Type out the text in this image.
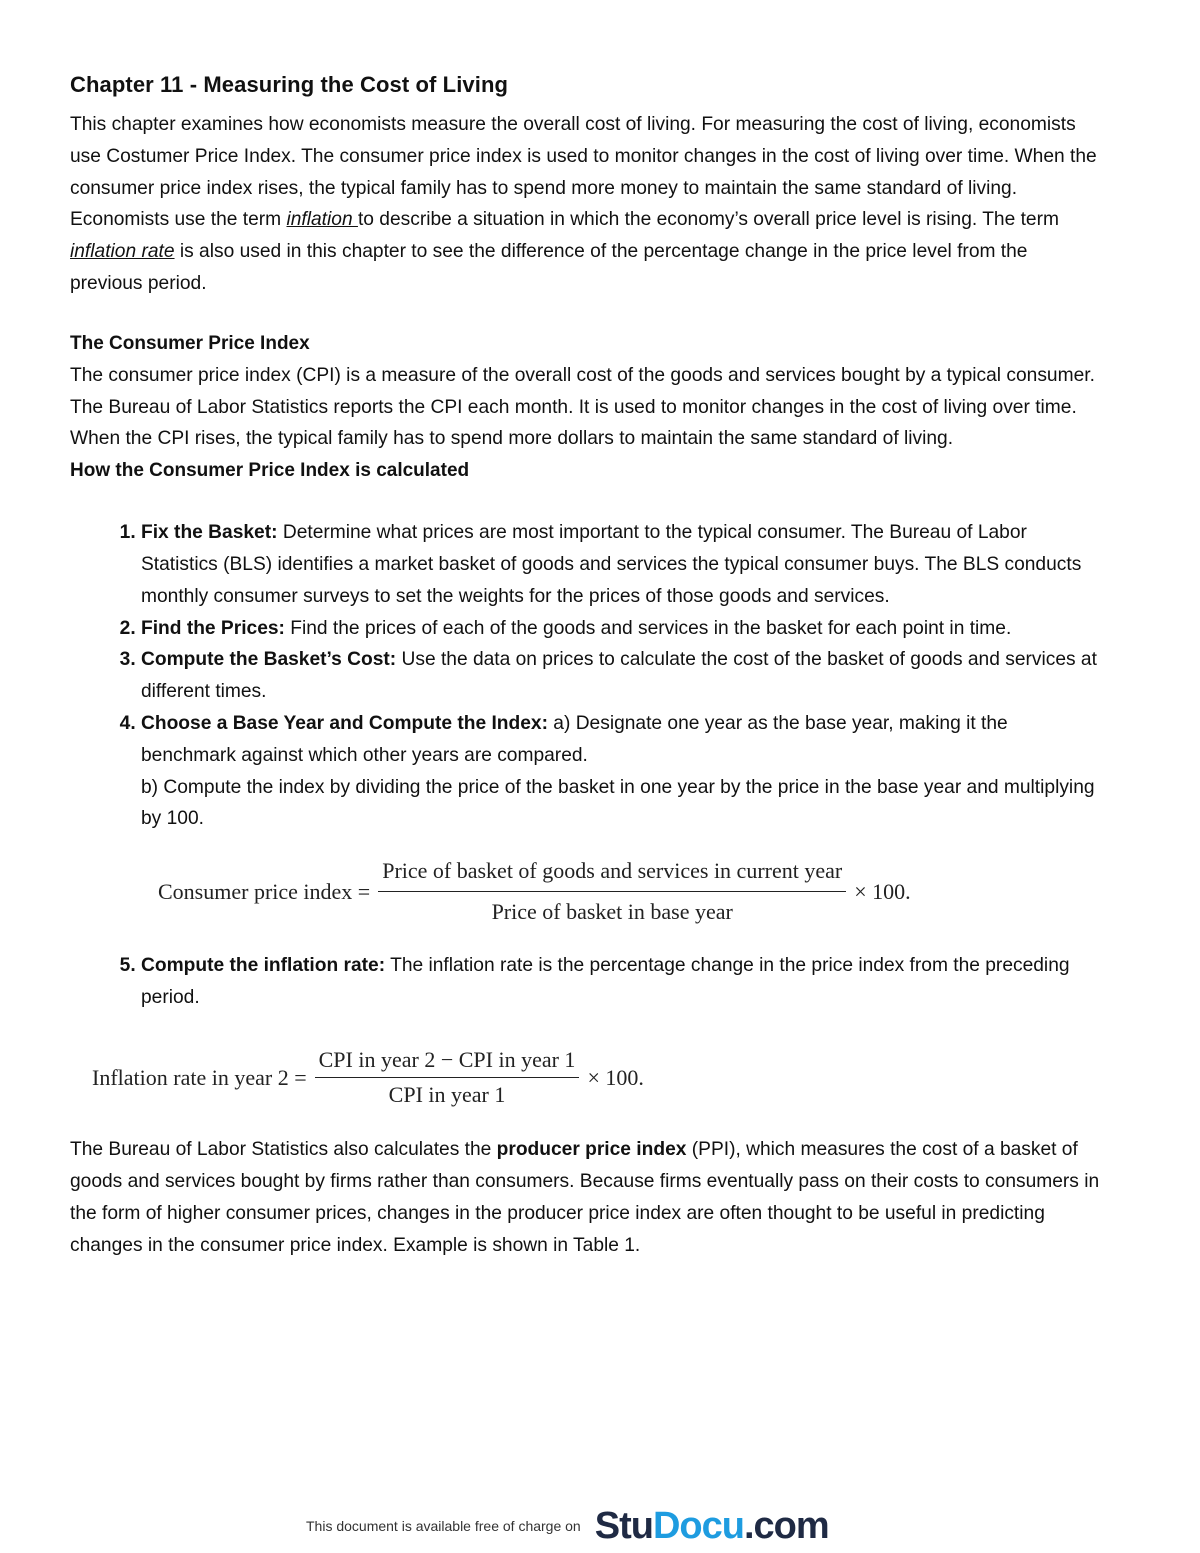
Chapter 11 - Measuring the Cost of Living

This chapter examines how economists measure the overall cost of living. For measuring the cost of living, economists use Costumer Price Index. The consumer price index is used to monitor changes in the cost of living over time. When the consumer price index rises, the typical family has to spend more money to maintain the same standard of living. Economists use the term inflation to describe a situation in which the economy’s overall price level is rising. The term inflation rate is also used in this chapter to see the difference of the percentage change in the price level from the previous period.

The Consumer Price Index

The consumer price index (CPI) is a measure of the overall cost of the goods and services bought by a typical consumer. The Bureau of Labor Statistics reports the CPI each month. It is used to monitor changes in the cost of living over time. When the CPI rises, the typical family has to spend more dollars to maintain the same standard of living.

How the Consumer Price Index is calculated
1. Fix the Basket: Determine what prices are most important to the typical consumer. The Bureau of Labor Statistics (BLS) identifies a market basket of goods and services the typical consumer buys. The BLS conducts monthly consumer surveys to set the weights for the prices of those goods and services.
2. Find the Prices: Find the prices of each of the goods and services in the basket for each point in time.
3. Compute the Basket’s Cost: Use the data on prices to calculate the cost of the basket of goods and services at different times.
4. Choose a Base Year and Compute the Index: a) Designate one year as the base year, making it the benchmark against which other years are compared.
b) Compute the index by dividing the price of the basket in one year by the price in the base year and multiplying by 100.
Consumer price index = $\frac{\text{Price of basket of goods and services in current year}}{\text{Price of basket in base year}} \times 100$.
5. Compute the inflation rate: The inflation rate is the percentage change in the price index from the preceding period.
Inflation rate in year $2 = \frac{\text{CPI in year 2 − CPI in year 1}}{\text{CPI in year 1}} \times 100$.

The Bureau of Labor Statistics also calculates the producer price index (PPI), which measures the cost of a basket of goods and services bought by firms rather than consumers. Because firms eventually pass on their costs to consumers in the form of higher consumer prices, changes in the producer price index are often thought to be useful in predicting changes in the consumer price index. Example is shown in Table 1.

This document is available free of charge on StuDocu.com
